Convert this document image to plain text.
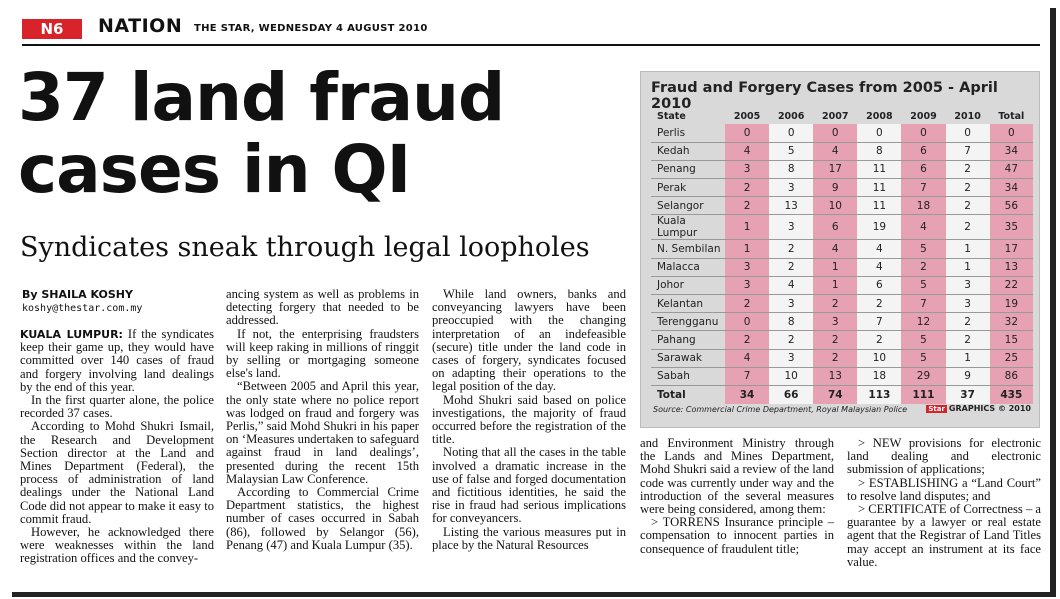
N6	NATION THE STAR, WEDNESDAY 4 AUGUST 2010
37 land fraud
cases in QI
Syndicates sneak through legal loopholes
By SHAILA KOSHY
koshy@thestar.com.my

KUALA LUMPUR: If the syndicates keep their game up, they would have committed over 140 cases of fraud and forgery involving land dealings by the end of this year.

In the first quarter alone, the police recorded 37 cases.

According to Mohd Shukri Ismail, the Research and Development Section director at the Land and Mines Department (Federal), the process of administration of land dealings under the National Land Code did not appear to make it easy to commit fraud.

However, he acknowledged there were weaknesses within the land registration offices and the convey-

ancing system as well as problems in detecting forgery that needed to be addressed.

If not, the enterprising fraudsters will keep raking in millions of ringgit by selling or mortgaging someone else's land.

“Between 2005 and April this year, the only state where no police report was lodged on fraud and forgery was Perlis,” said Mohd Shukri in his paper on ‘Measures undertaken to safeguard against fraud in land dealings’, presented during the recent 15th Malaysian Law Conference.

According to Commercial Crime Department statistics, the highest number of cases occurred in Sabah (86), followed by Selangor (56), Penang (47) and Kuala Lumpur (35).

While land owners, banks and conveyancing lawyers have been preoccupied with the changing interpretation of an indefeasible (secure) title under the land code in cases of forgery, syndicates focused on adapting their operations to the legal position of the day.

Mohd Shukri said based on police investigations, the majority of fraud occurred before the registration of the title.

Noting that all the cases in the table involved a dramatic increase in the use of false and forged documentation and fictitious identities, he said the rise in fraud had serious implications for conveyancers.

Listing the various measures put in place by the Natural Resources

Fraud and Forgery Cases from 2005 - April 2010
State	2005	2006	2007	2008	2009	2010	Total
Perlis	0	0	0	0	0	0	0
Kedah	4	5	4	8	6	7	34
Penang	3	8	17	11	6	2	47
Perak	2	3	9	11	7	2	34
Selangor	2	13	10	11	18	2	56
Kuala Lumpur	1	3	6	19	4	2	35
N. Sembilan	1	2	4	4	5	1	17
Malacca	3	2	1	4	2	1	13
Johor	3	4	1	6	5	3	22
Kelantan	2	3	2	2	7	3	19
Terengganu	0	8	3	7	12	2	32
Pahang	2	2	2	2	5	2	15
Sarawak	4	3	2	10	5	1	25
Sabah	7	10	13	18	29	9	86
Total	34	66	74	113	111	37	435
Source: Commercial Crime Department, Royal Malaysian Police	Star GRAPHICS © 2010

and Environment Ministry through the Lands and Mines Department, Mohd Shukri said a review of the land code was currently under way and the introduction of the several measures were being considered, among them:

> TORRENS Insurance principle – compensation to innocent parties in consequence of fraudulent title;

> NEW provisions for electronic land dealing and electronic submission of applications;

> ESTABLISHING a “Land Court” to resolve land disputes; and

> CERTIFICATE of Correctness – a guarantee by a lawyer or real estate agent that the Registrar of Land Titles may accept an instrument at its face value.
